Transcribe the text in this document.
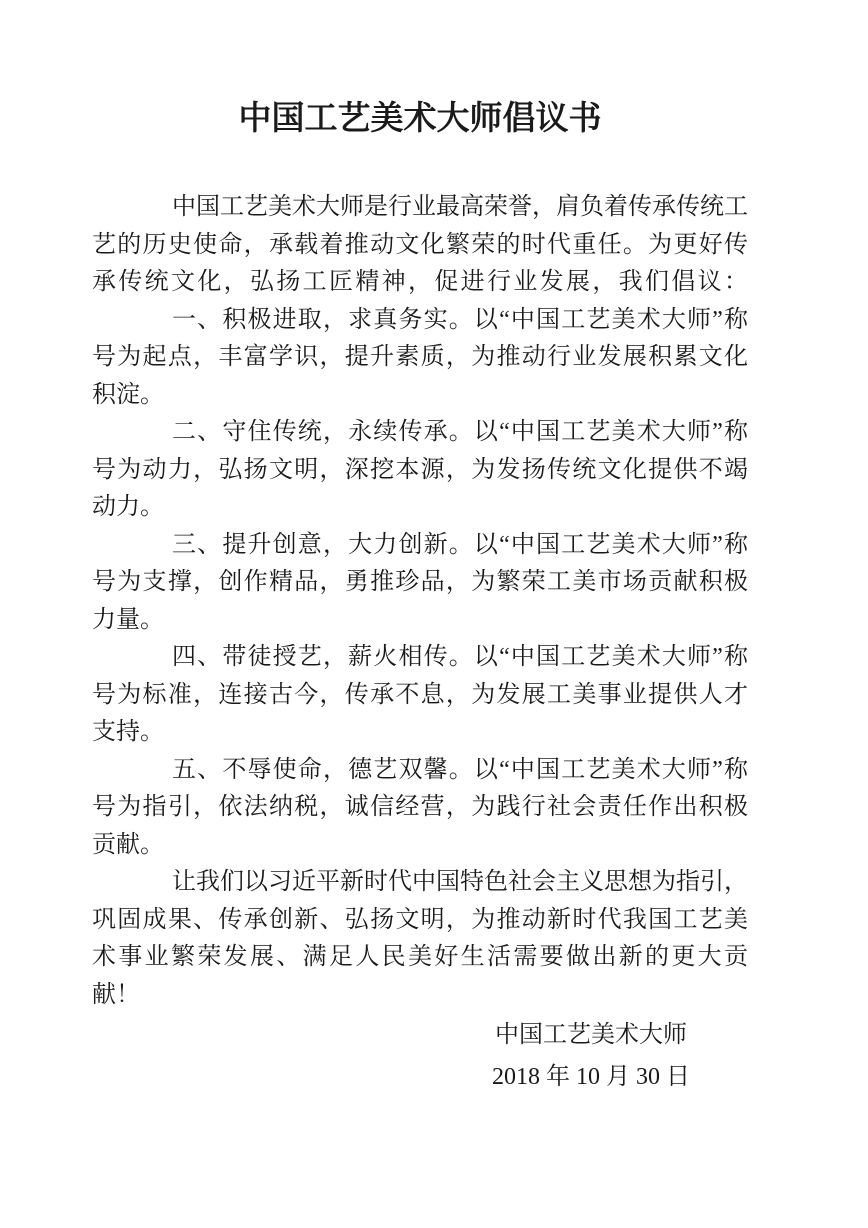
中国工艺美术大师倡议书
中国工艺美术大师是行业最高荣誉，肩负着传承传统工
艺的历史使命，承载着推动文化繁荣的时代重任。为更好传
承传统文化，弘扬工匠精神，促进行业发展，我们倡议：
一、积极进取，求真务实。以“中国工艺美术大师”称
号为起点，丰富学识，提升素质，为推动行业发展积累文化
积淀。
二、守住传统，永续传承。以“中国工艺美术大师”称
号为动力，弘扬文明，深挖本源，为发扬传统文化提供不竭
动力。
三、提升创意，大力创新。以“中国工艺美术大师”称
号为支撑，创作精品，勇推珍品，为繁荣工美市场贡献积极
力量。
四、带徒授艺，薪火相传。以“中国工艺美术大师”称
号为标准，连接古今，传承不息，为发展工美事业提供人才
支持。
五、不辱使命，德艺双馨。以“中国工艺美术大师”称
号为指引，依法纳税，诚信经营，为践行社会责任作出积极
贡献。
让我们以习近平新时代中国特色社会主义思想为指引，
巩固成果、传承创新、弘扬文明，为推动新时代我国工艺美
术事业繁荣发展、满足人民美好生活需要做出新的更大贡
献！
中国工艺美术大师
2018 年 10 月 30 日
